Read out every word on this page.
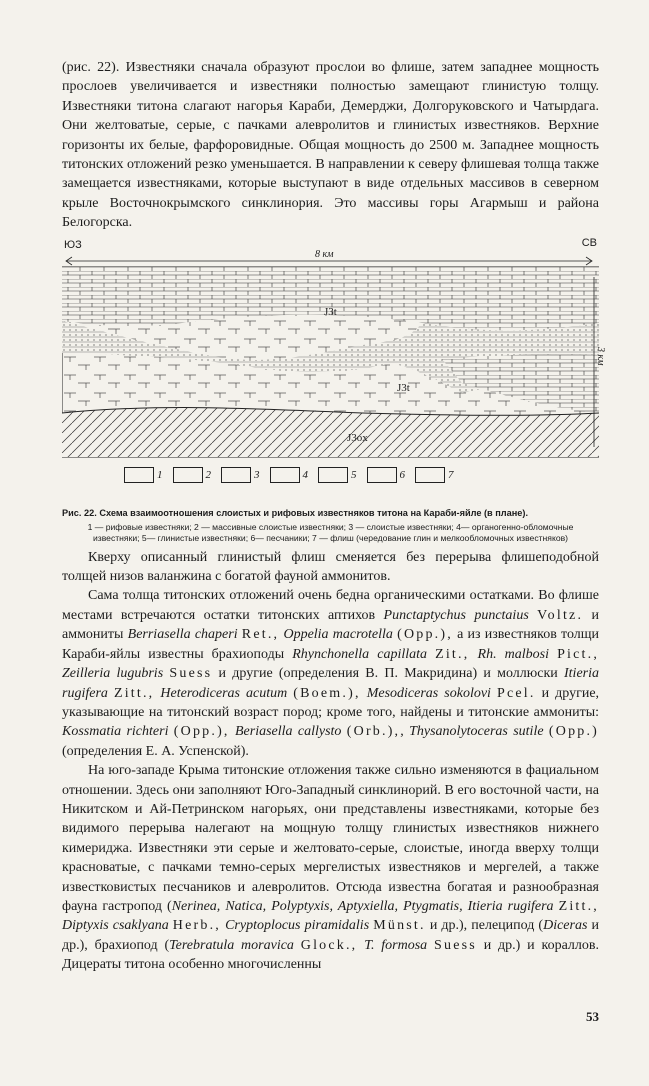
(рис. 22). Известняки сначала образуют прослои во флише, затем западнее мощность прослоев увеличивается и известняки полностью замещают глинистую толщу. Известняки титона слагают нагорья Караби, Демерджи, Долгоруковского и Чатырдага. Они желтоватые, серые, с пачками алевролитов и глинистых известняков. Верхние горизонты их белые, фарфоровидные. Общая мощность до 2500 м. Западнее мощность титонских отложений резко уменьшается. В направлении к северу флишевая толща также замещается известняками, которые выступают в виде отдельных массивов в северном крыле Восточнокрымского синклинория. Это массивы горы Агармыш и района Белогорска.

ЮЗ	СВ
8 км
J3t
J3t
J3ox
3 км
1	2	3	4	5	6	7
Рис. 22. Схема взаимоотношения слоистых и рифовых известняков титона на Караби-яйле (в плане).
1 — рифовые известняки; 2 — массивные слоистые известняки; 3 — слоистые известняки; 4— органогенно-обломочные известняки; 5— глинистые известняки; 6— песчаники; 7 — флиш (чередование глин и мелкообломочных известняков)

Кверху описанный глинистый флиш сменяется без перерыва флишеподобной толщей низов валанжина с богатой фауной аммонитов.

Сама толща титонских отложений очень бедна органическими остатками. Во флише местами встречаются остатки титонских аптихов Punctaptychus punctaius Voltz. и аммониты Berriasella chaperi Ret., Oppelia macrotella (Opp.), а из известняков толщи Караби-яйлы известны брахиоподы Rhynchonella capillata Zit., Rh. malbosi Pict., Zeilleria lugubris Suess и другие (определения В. П. Макридина) и моллюски Itieria rugifera Zitt., Heterodiceras acutum (Boem.), Mesodiceras sokolovi Pcel. и другие, указывающие на титонский возраст пород; кроме того, найдены и титонские аммониты: Kossmatia richteri (Opp.), Beriasella callysto (Orb.),, Thysanolytoceras sutile (Opp.) (определения Е. А. Успенской).

На юго-западе Крыма титонские отложения также сильно изменяются в фациальном отношении. Здесь они заполняют Юго-Западный синклинорий. В его восточной части, на Никитском и Ай-Петринском нагорьях, они представлены известняками, которые без видимого перерыва налегают на мощную толщу глинистых известняков нижнего кимериджа. Известняки эти серые и желтовато-серые, слоистые, иногда вверху толщи красноватые, с пачками темно-серых мергелистых известняков и мергелей, а также известковистых песчаников и алевролитов. Отсюда известна богатая и разнообразная фауна гастропод (Nerinea, Natica, Polyptyxis, Aptyxiella, Ptygmatis, Itieria rugifera Zitt., Diptyxis csaklyana Herb., Cryptoplocus piramidalis Münst. и др.), пелеципод (Diceras и др.), брахиопод (Terebratula moravica Glock., T. formosa Suess и др.) и кораллов. Дицераты титона особенно многочисленны

53
